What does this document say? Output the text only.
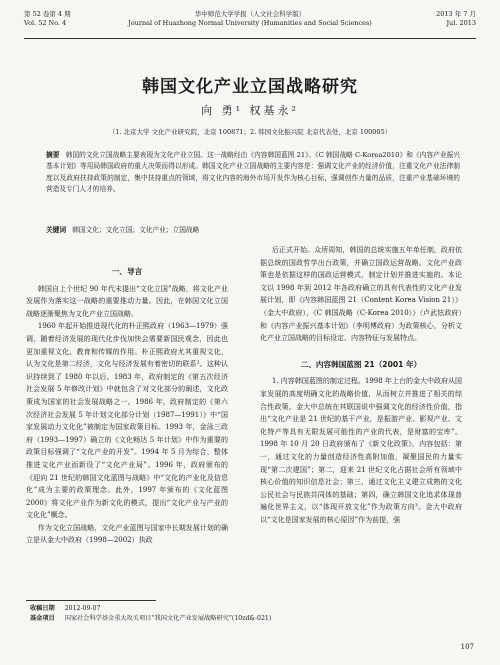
第 52 卷第 4 期
Vol. 52 No. 4
华中师范大学学报（人文社会科学版）
Journal of Huazhong Normal University (Humanities and Social Sciences)
2013 年 7 月
Jul. 2013
韩国文化产业立国战略研究
向 勇¹ 权基永²
（1. 北京大学 文化产业研究院，北京 100871；2. 韩国文化振兴院 北京代表处，北京 100005）
摘要 韩国的文化立国战略主要表现为文化产业立国。这一战略经由《内容韩国蓝图 21》、《C 韩国战略 C-Korea2010》和《内容产业振兴基本计划》等用局韩国政府的重大决策而得以形成。韩国文化产业立国战略的主要内容是：强调文化产业的经济价值，注重文化产业法律制度以及政府扶持政策的制定，集中扶持重点的领域，将文化内容的海外市场开发作为核心目标，强调创作力量的品质，注重产业基础环境的营造及专门人才的培养。
关键词 韩国文化；文化立国；文化产业；立国战略
一、导言

韩国自上个世纪 90 年代末提出“文化立国”战略，将文化产业发展作为落实这一战略的重要推动力量。因此，在韩国文化立国战略逐渐聚焦为文化产业立国战略。

1960 年起开始推进现代化的朴正熙政府（1963—1979）强调，随着经济发展的现代化步伐加快会需要新国民观念，因此也更加重视文化、教育和传媒的作用。朴正熙政府尤其重视文化，认为文化是第二经济，文化与经济发展有着密切的联系²。这种认识持续到了 1980 年以后。1983 年，政府制定的《第五次经济社会发展 5 年修改计划》中就包含了对文化部分的阐述，文化政策成为国家的社会发展战略之一。1986 年，政府制定的《第六次经济社会发展 5 年计划文化部分计划（1987—1991）》中“国家发展动力文化化”被制定为国家政策目标。1993 年，金泳三政府（1993—1997）确立的《文化畅达 5 年计划》中作为重要的政策目标强调了“文化产业的开发”。1994 年 5 月为综合、整体推进文化产业而新设了“文化产业局”。1996 年，政府颁布的《迎向 21 世纪的韩国文化蓝图与战略》中“文化的产业化及信息化”成为主要的政策理念。此外，1997 年颁布的《文化蓝图 2000》将文化产业作为新文化的模式，提出“文化产业与产业的文化化”概念。

作为文化立国战略，文化产业蓝图与国家中长期发展计划的确立是从金大中政府（1998—2002）执政

后正式开始。众所周知，韩国的总统实施五年单任制，政府依据总统的国政哲学出台政策，并确立国政运营战略。文化产业政策也是依据这样的国政运营模式，制定计划并推进实施的。本论文以 1998 年到 2012 年各政府确立的具有代表性的文化产业发展计划，即《内容韩国蓝图 21（Content Korea Vision 21）》（金大中政府），《C 韩国战略（C-Korea 2010）》（卢武铉政府）和《内容产业振兴基本计划》（李明博政府）为政策核心，分析文化产业立国战略的目标设定、内容特征与发展特点。

二、内容韩国蓝图 21（2001 年）

1. 内容韩国蓝图的制定过程。1998 年上台的金大中政府从国家发展的高度明确文化的战略价值，从而树立并推进了相关的综合性政策。金大中总统在其联国说中强调文化的经济性价值，指出“文化产业是 21 世纪的基干产业，是振游产业、影视产业、文化特产等具有无限发展可能性的产业的代表，是财富的宝库”。1998 年 10 月 20 日政府颁布了《新文化政策》，内容包括：第一，通过文化的力量创造经济性高附加值，凝聚国民的力量实现“第二次建国”；第二，迎来 21 世纪文化占据社会所有领域中核心价值的知识信息社会；第三，通过文化主义建立成熟的文化公民社会与民族共同体的基础；第四，确立韩国文化追求体现普遍化世界主义，以“体现开放文化”作为政策方向³。金大中政府以“文化是国家发展的核心原因”作为前提，强

收稿日期 2012-09-07
基金项目 国家社会科学基金重大攻关项目“我国文化产业发展战略研究”(10zd&-021)
107
